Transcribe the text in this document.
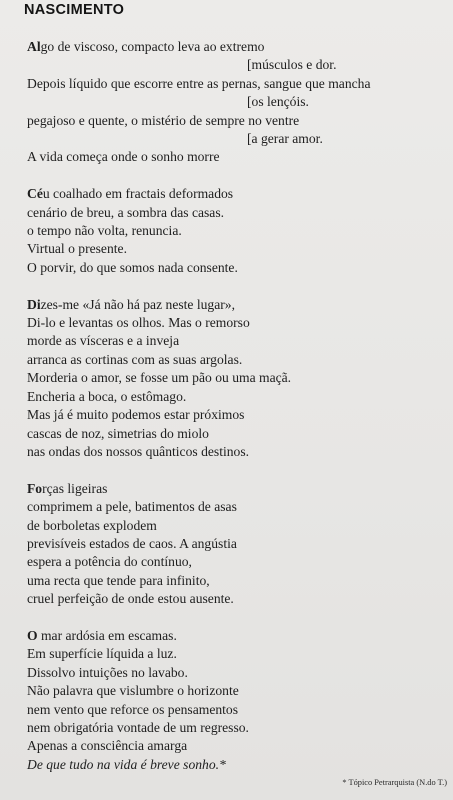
NASCIMENTO
Algo de viscoso, compacto leva ao extremo
[músculos e dor.
Depois líquido que escorre entre as pernas, sangue que mancha
[os lençóis.
pegajoso e quente, o mistério de sempre no ventre
[a gerar amor.
A vida começa onde o sonho morre
Céu coalhado em fractais deformados
cenário de breu, a sombra das casas.
o tempo não volta, renuncia.
Virtual o presente.
O porvir, do que somos nada consente.
Dizes-me «Já não há paz neste lugar»,
Di-lo e levantas os olhos. Mas o remorso
morde as vísceras e a inveja
arranca as cortinas com as suas argolas.
Morderia o amor, se fosse um pão ou uma maçã.
Encheria a boca, o estômago.
Mas já é muito podemos estar próximos
cascas de noz, simetrias do miolo
nas ondas dos nossos quânticos destinos.
Forças ligeiras
comprimem a pele, batimentos de asas
de borboletas explodem
previsíveis estados de caos. A angústia
espera a potência do contínuo,
uma recta que tende para infinito,
cruel perfeição de onde estou ausente.
O mar ardósia em escamas.
Em superfície líquida a luz.
Dissolvo intuições no lavabo.
Não palavra que vislumbre o horizonte
nem vento que reforce os pensamentos
nem obrigatória vontade de um regresso.
Apenas a consciência amarga
De que tudo na vida é breve sonho.*
* Tópico Petrarquista (N.do T.)
